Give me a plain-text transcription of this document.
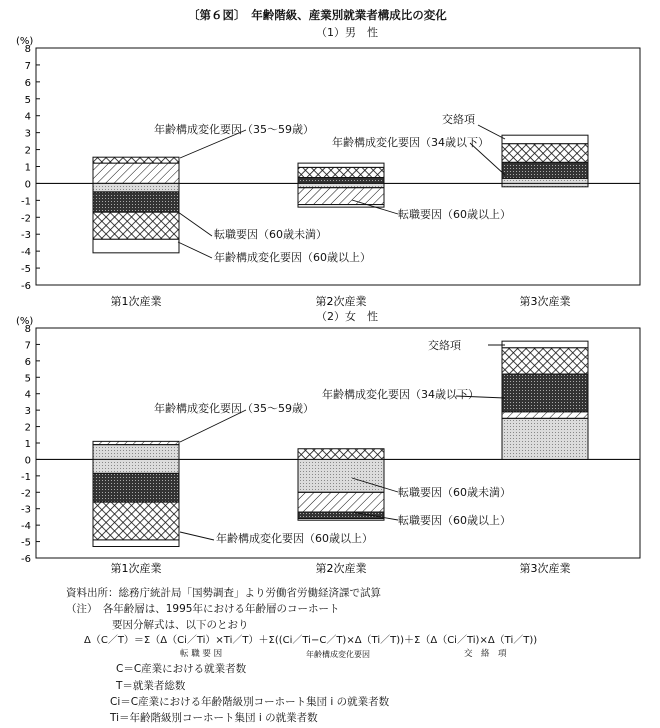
(%)
8
7
6
5
4
3
2
1
0
-1
-2
-3
-4
-5
-6
第1次産業	第2次産業	第3次産業
(%)
8
7
6
5
4
3
2
1
0
-1
-2
-3
-4
-5
-6
第1次産業	第2次産業	第3次産業
〔第６図〕　年齢階級、産業別就業者構成比の変化
（1）男　性
（2）女　性
年齢構成変化要因（35～59歳）
転職要因（60歳未満）
年齢構成変化要因（60歳以上）
転職要因（60歳以上）
交絡項
年齢構成変化要因（34歳以下）
交絡項
年齢構成変化要因（34歳以下）
年齢構成変化要因（35～59歳）
転職要因（60歳未満）
転職要因（60歳以上）
年齢構成変化要因（60歳以上）
資料出所：総務庁統計局「国勢調査」より労働省労働経済課で試算
（注）　各年齢層は、1995年における年齢層のコーホート
要因分解式は、以下のとおり
Δ（C／T）＝Σ（Δ（Ci／Ti）×Ti／T）＋Σ((Ci／Ti−C／T)×Δ（Ti／T))＋Σ（Δ（Ci／Ti)×Δ（Ti／T))
転 職 要 因	年齢構成変化要因	交　絡　項
C＝C産業における就業者数
T＝就業者総数
Ci＝C産業における年齢階級別コーホート集団 i の就業者数
Ti＝年齢階級別コーホート集団 i の就業者数
